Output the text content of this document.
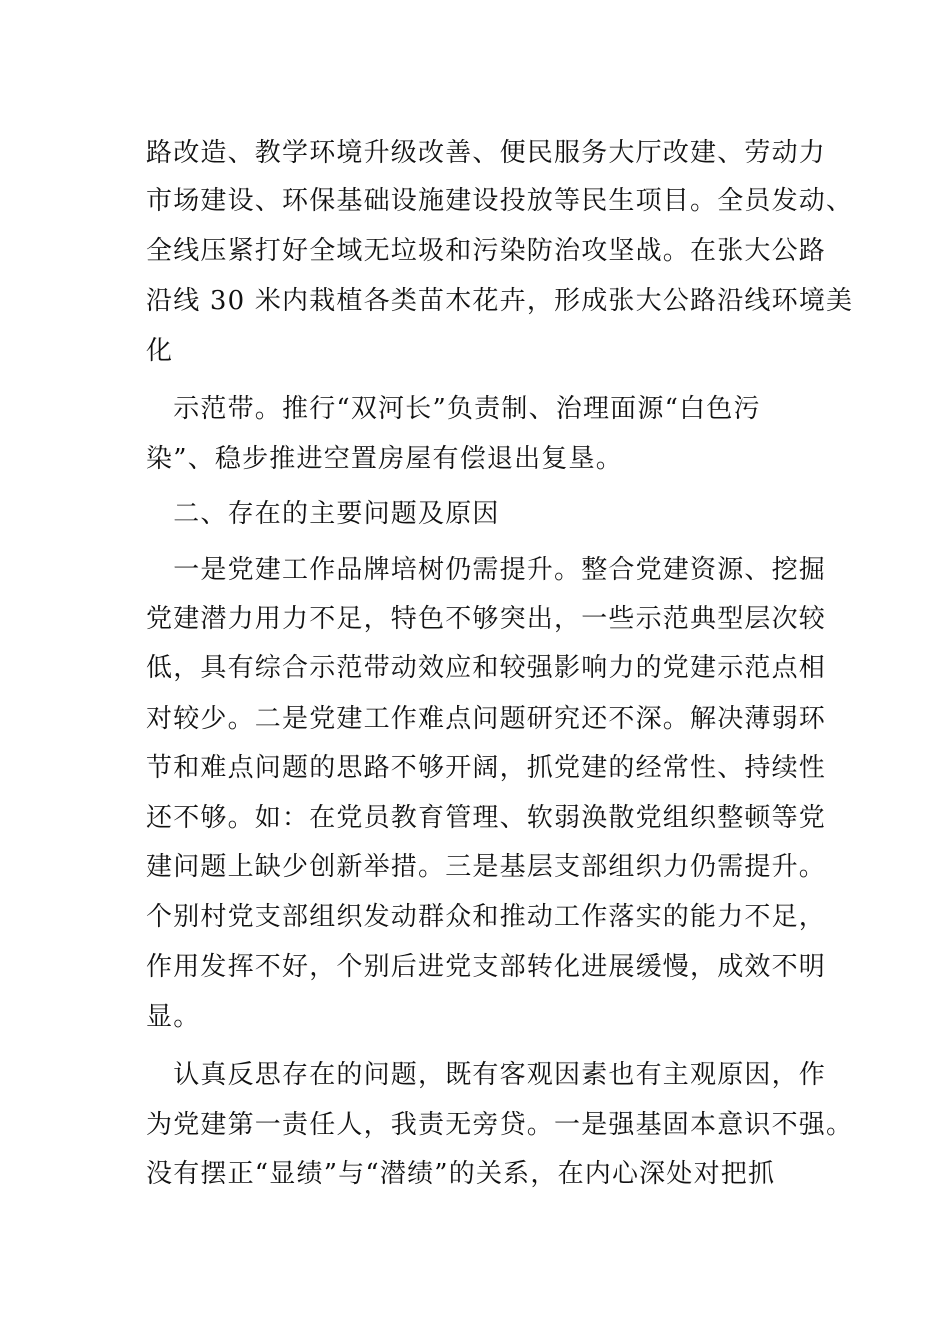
路改造、教学环境升级改善、便民服务大厅改建、劳动力
市场建设、环保基础设施建设投放等民生项目。全员发动、
全线压紧打好全域无垃圾和污染防治攻坚战。在张大公路
沿线 30 米内栽植各类苗木花卉，形成张大公路沿线环境美
化
　示范带。推行“双河长”负责制、治理面源“白色污
染”、稳步推进空置房屋有偿退出复垦。
　二、存在的主要问题及原因
　一是党建工作品牌培树仍需提升。整合党建资源、挖掘
党建潜力用力不足，特色不够突出，一些示范典型层次较
低，具有综合示范带动效应和较强影响力的党建示范点相
对较少。二是党建工作难点问题研究还不深。解决薄弱环
节和难点问题的思路不够开阔，抓党建的经常性、持续性
还不够。如：在党员教育管理、软弱涣散党组织整顿等党
建问题上缺少创新举措。三是基层支部组织力仍需提升。
个别村党支部组织发动群众和推动工作落实的能力不足，
作用发挥不好，个别后进党支部转化进展缓慢，成效不明
显。
　认真反思存在的问题，既有客观因素也有主观原因，作
为党建第一责任人，我责无旁贷。一是强基固本意识不强。
没有摆正“显绩”与“潜绩”的关系，在内心深处对把抓
